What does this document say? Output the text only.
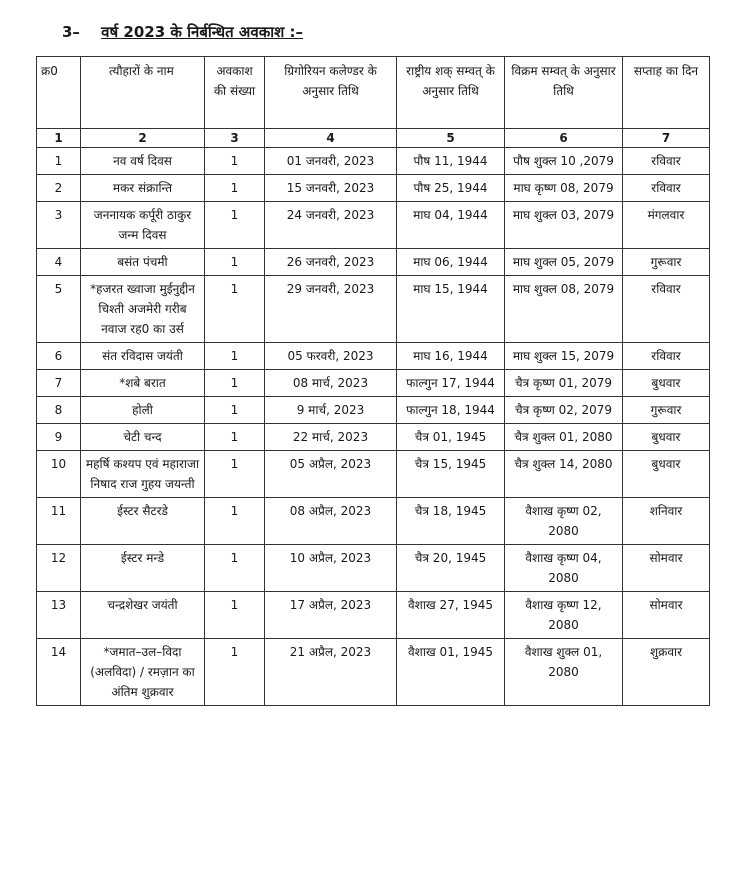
3– वर्ष 2023 के निर्बन्धित अवकाश :–
क्र0	त्यौहारों के नाम	अवकाश की संख्या	ग्रिगोरियन कलेण्डर के अनुसार तिथि	राष्ट्रीय शक् सम्वत् के अनुसार तिथि	विक्रम सम्वत् के अनुसार तिथि	सप्ताह का दिन
1	2	3	4	5	6	7
1	नव वर्ष दिवस	1	01 जनवरी, 2023	पौष 11, 1944	पौष शुक्ल 10 ,2079	रविवार
2	मकर संक्रान्ति	1	15 जनवरी, 2023	पौष 25, 1944	माघ कृष्ण 08, 2079	रविवार
3	जननायक कर्पूरी ठाकुर जन्म दिवस	1	24 जनवरी, 2023	माघ 04, 1944	माघ शुक्ल 03, 2079	मंगलवार
4	बसंत पंचमी	1	26 जनवरी, 2023	माघ 06, 1944	माघ शुक्ल 05, 2079	गुरूवार
5	*हजरत ख्वाजा मुईनुद्दीन चिश्ती अजमेरी गरीब नवाज रह0 का उर्स	1	29 जनवरी, 2023	माघ 15, 1944	माघ शुक्ल 08, 2079	रविवार
6	संत रविदास जयंती	1	05 फरवरी, 2023	माघ 16, 1944	माघ शुक्ल 15, 2079	रविवार
7	*शबे बरात	1	08 मार्च, 2023	फाल्गुन 17, 1944	चैत्र कृष्ण 01, 2079	बुधवार
8	होली	1	9 मार्च, 2023	फाल्गुन 18, 1944	चैत्र कृष्ण 02, 2079	गुरूवार
9	चेटी चन्द	1	22 मार्च, 2023	चैत्र 01, 1945	चैत्र शुक्ल 01, 2080	बुधवार
10	महर्षि कश्यप एवं महाराजा निषाद राज गुहय जयन्ती	1	05 अप्रैल, 2023	चैत्र 15, 1945	चैत्र शुक्ल 14, 2080	बुधवार
11	ईस्टर सैटरडे	1	08 अप्रैल, 2023	चैत्र 18, 1945	वैशाख कृष्ण 02, 2080	शनिवार
12	ईस्टर मन्डे	1	10 अप्रैल, 2023	चैत्र 20, 1945	वैशाख कृष्ण 04, 2080	सोमवार
13	चन्द्रशेखर जयंती	1	17 अप्रैल, 2023	वैशाख 27, 1945	वैशाख कृष्ण 12, 2080	सोमवार
14	*जमात–उल–विदा (अलविदा) / रमज़ान का अंतिम शुक्रवार	1	21 अप्रैल, 2023	वैशाख 01, 1945	वैशाख शुक्ल 01, 2080	शुक्रवार
